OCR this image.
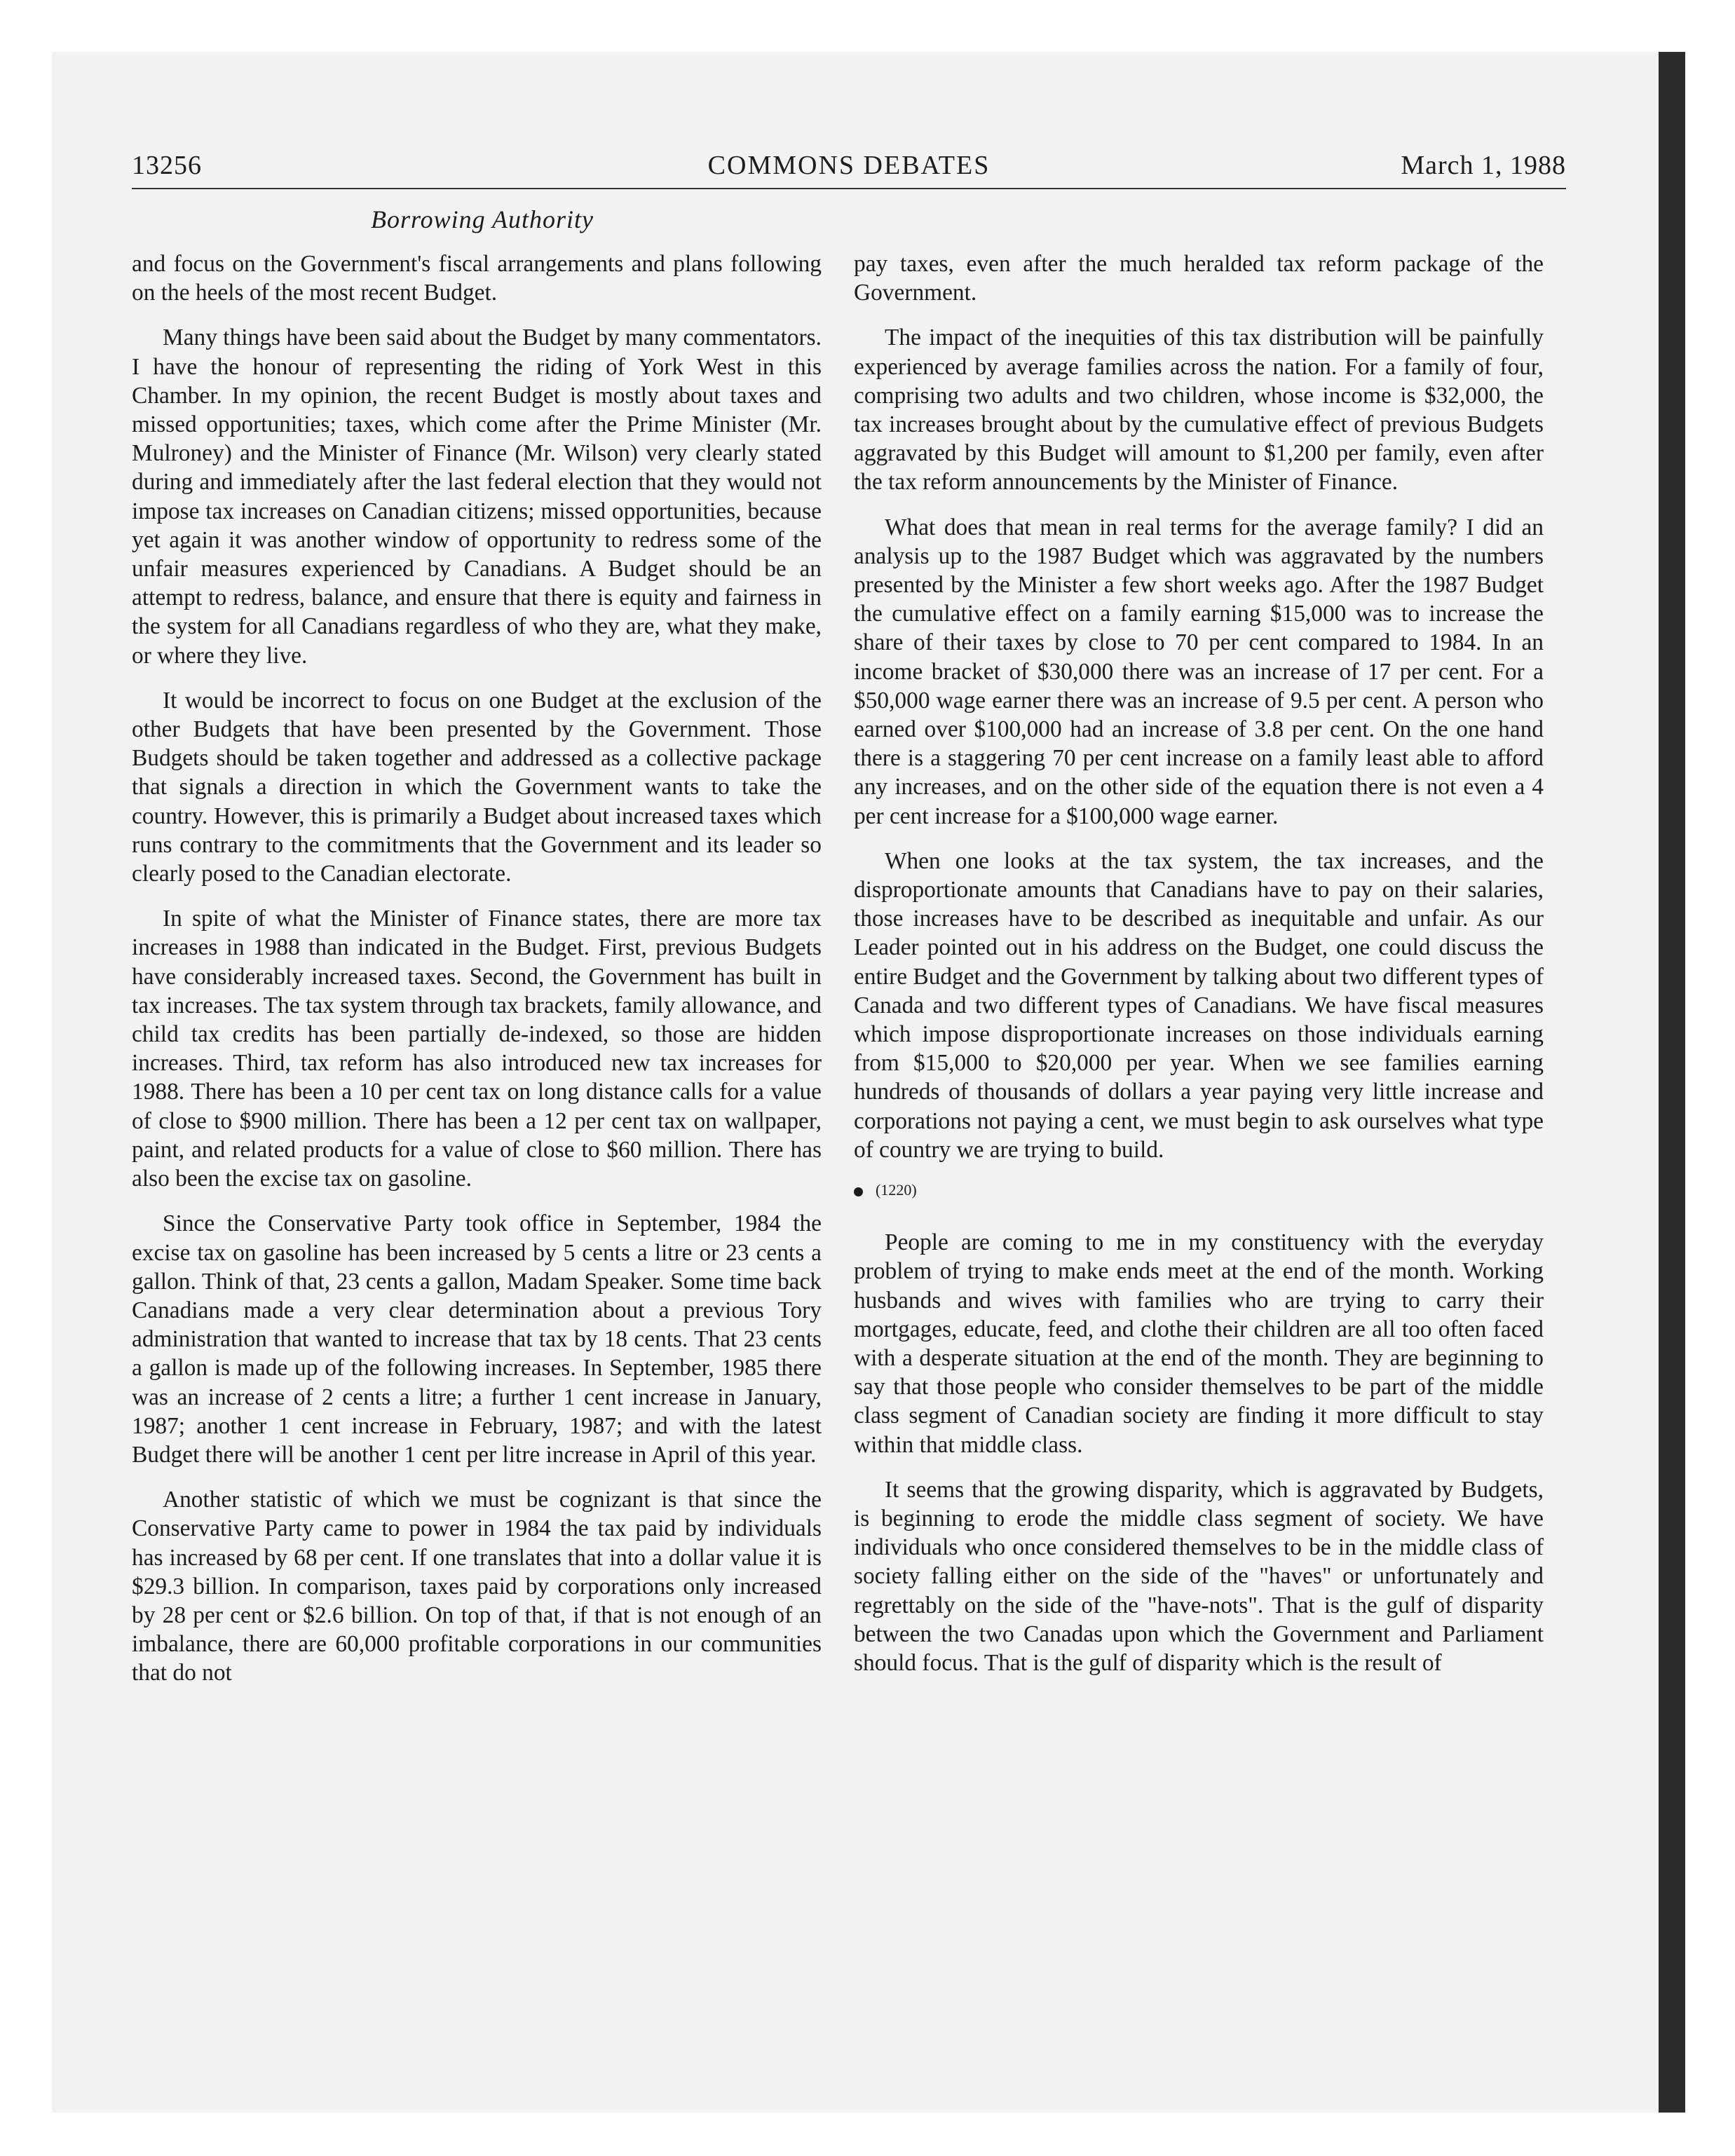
13256	COMMONS DEBATES	March 1, 1988
Borrowing Authority

and focus on the Government's fiscal arrangements and plans following on the heels of the most recent Budget.

Many things have been said about the Budget by many commentators. I have the honour of representing the riding of York West in this Chamber. In my opinion, the recent Budget is mostly about taxes and missed opportunities; taxes, which come after the Prime Minister (Mr. Mulroney) and the Minister of Finance (Mr. Wilson) very clearly stated during and immediately after the last federal election that they would not impose tax increases on Canadian citizens; missed opportunities, because yet again it was another window of opportunity to redress some of the unfair measures experienced by Canadians. A Budget should be an attempt to redress, balance, and ensure that there is equity and fairness in the system for all Canadians regardless of who they are, what they make, or where they live.

It would be incorrect to focus on one Budget at the exclusion of the other Budgets that have been presented by the Government. Those Budgets should be taken together and addressed as a collective package that signals a direction in which the Government wants to take the country. However, this is primarily a Budget about increased taxes which runs contrary to the commitments that the Government and its leader so clearly posed to the Canadian electorate.

In spite of what the Minister of Finance states, there are more tax increases in 1988 than indicated in the Budget. First, previous Budgets have considerably increased taxes. Second, the Government has built in tax increases. The tax system through tax brackets, family allowance, and child tax credits has been partially de-indexed, so those are hidden increases. Third, tax reform has also introduced new tax increases for 1988. There has been a 10 per cent tax on long distance calls for a value of close to $900 million. There has been a 12 per cent tax on wallpaper, paint, and related products for a value of close to $60 million. There has also been the excise tax on gasoline.

Since the Conservative Party took office in September, 1984 the excise tax on gasoline has been increased by 5 cents a litre or 23 cents a gallon. Think of that, 23 cents a gallon, Madam Speaker. Some time back Canadians made a very clear determination about a previous Tory administration that wanted to increase that tax by 18 cents. That 23 cents a gallon is made up of the following increases. In September, 1985 there was an increase of 2 cents a litre; a further 1 cent increase in January, 1987; another 1 cent increase in February, 1987; and with the latest Budget there will be another 1 cent per litre increase in April of this year.

Another statistic of which we must be cognizant is that since the Conservative Party came to power in 1984 the tax paid by individuals has increased by 68 per cent. If one translates that into a dollar value it is $29.3 billion. In comparison, taxes paid by corporations only increased by 28 per cent or $2.6 billion. On top of that, if that is not enough of an imbalance, there are 60,000 profitable corporations in our communities that do not

pay taxes, even after the much heralded tax reform package of the Government.

The impact of the inequities of this tax distribution will be painfully experienced by average families across the nation. For a family of four, comprising two adults and two children, whose income is $32,000, the tax increases brought about by the cumulative effect of previous Budgets aggravated by this Budget will amount to $1,200 per family, even after the tax reform announcements by the Minister of Finance.

What does that mean in real terms for the average family? I did an analysis up to the 1987 Budget which was aggravated by the numbers presented by the Minister a few short weeks ago. After the 1987 Budget the cumulative effect on a family earning $15,000 was to increase the share of their taxes by close to 70 per cent compared to 1984. In an income bracket of $30,000 there was an increase of 17 per cent. For a $50,000 wage earner there was an increase of 9.5 per cent. A person who earned over $100,000 had an increase of 3.8 per cent. On the one hand there is a staggering 70 per cent increase on a family least able to afford any increases, and on the other side of the equation there is not even a 4 per cent increase for a $100,000 wage earner.

When one looks at the tax system, the tax increases, and the disproportionate amounts that Canadians have to pay on their salaries, those increases have to be described as inequitable and unfair. As our Leader pointed out in his address on the Budget, one could discuss the entire Budget and the Government by talking about two different types of Canada and two different types of Canadians. We have fiscal measures which impose disproportionate increases on those individuals earning from $15,000 to $20,000 per year. When we see families earning hundreds of thousands of dollars a year paying very little increase and corporations not paying a cent, we must begin to ask ourselves what type of country we are trying to build.

(1220)

People are coming to me in my constituency with the everyday problem of trying to make ends meet at the end of the month. Working husbands and wives with families who are trying to carry their mortgages, educate, feed, and clothe their children are all too often faced with a desperate situation at the end of the month. They are beginning to say that those people who consider themselves to be part of the middle class segment of Canadian society are finding it more difficult to stay within that middle class.

It seems that the growing disparity, which is aggravated by Budgets, is beginning to erode the middle class segment of society. We have individuals who once considered themselves to be in the middle class of society falling either on the side of the "haves" or unfortunately and regrettably on the side of the "have-nots". That is the gulf of disparity between the two Canadas upon which the Government and Parliament should focus. That is the gulf of disparity which is the result of
